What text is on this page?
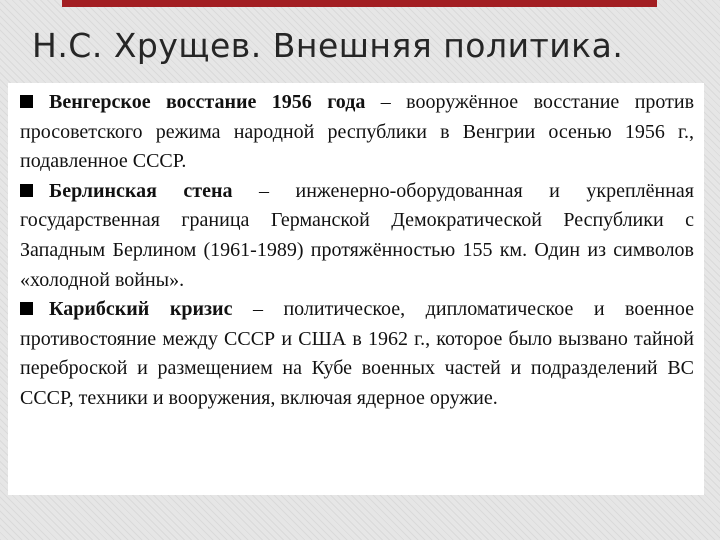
Н.С. Хрущев. Внешняя политика.

Венгерское восстание 1956 года – вооружённое восстание против просоветского режима народной республики в Венгрии осенью 1956 г., подавленное СССР.

Берлинская стена – инженерно-оборудованная и укреплённая государственная граница Германской Демократической Республики с Западным Берлином (1961-1989) протяжённостью 155 км. Один из символов «холодной войны».

Карибский кризис – политическое, дипломатическое и военное противостояние между СССР и США в 1962 г., которое было вызвано тайной переброской и размещением на Кубе военных частей и подразделений ВС СССР, техники и вооружения, включая ядерное оружие.
